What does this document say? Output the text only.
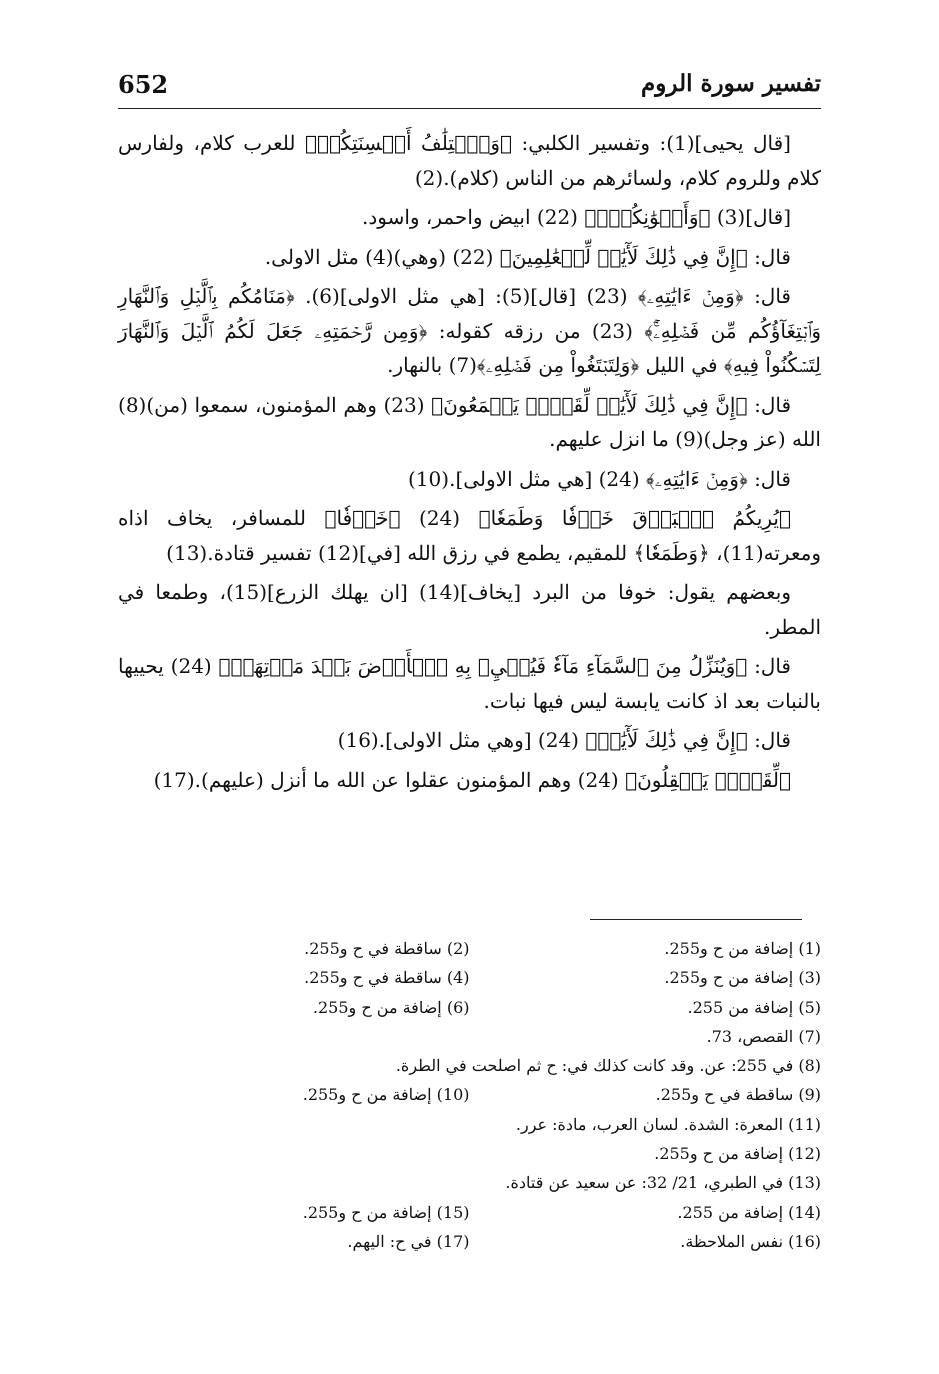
652	تفسير سورة الروم

[قال يحيى](1): وتفسير الكلبي: ﴿وَٱخۡتِلَٰفُ أَلۡسِنَتِكُمۡ﴾ للعرب كلام، ولفارس كلام وللروم كلام، ولسائرهم من الناس (كلام).(2)

[قال](3) ﴿وَأَلۡوَٰنِكُمۡۚ﴾ (22) ابيض واحمر، واسود.

قال: ﴿إِنَّ فِي ذَٰلِكَ لَأٓيَٰتٖ لِّلۡعَٰلِمِينَ﴾ (22) (وهي)(4) مثل الاولى.

قال: ﴿وَمِنۡ ءَايَٰتِهِۦ﴾ (23) [قال](5): [هي مثل الاولى](6). ﴿مَنَامُكُم بِٱلَّيۡلِ وَٱلنَّهَارِ وَٱبۡتِغَآؤُكُم مِّن فَضۡلِهِۦٓۚ﴾ (23) من رزقه كقوله: ﴿وَمِن رَّحۡمَتِهِۦ جَعَلَ لَكُمُ ٱلَّيۡلَ وَٱلنَّهَارَ لِتَسۡكُنُواْ فِيهِ﴾ في الليل ﴿وَلِتَبۡتَغُواْ مِن فَضۡلِهِۦ﴾(7) بالنهار.

قال: ﴿إِنَّ فِي ذَٰلِكَ لَأٓيَٰتٖ لِّقَوۡمٖ يَسۡمَعُونَ﴾ (23) وهم المؤمنون، سمعوا (من)(8) الله (عز وجل)(9) ما انزل عليهم.

قال: ﴿وَمِنۡ ءَايَٰتِهِۦ﴾ (24) [هي مثل الاولى].(10)

﴿يُرِيكُمُ ٱلۡبَرۡقَ خَوۡفٗا وَطَمَعٗا﴾ (24) ﴿خَوۡفٗا﴾ للمسافر، يخاف اذاه ومعرته(11)، ﴿وَطَمَعٗا﴾ للمقيم، يطمع في رزق الله [في](12) تفسير قتادة.(13)

وبعضهم يقول: خوفا من البرد [يخاف](14) [ان يهلك الزرع](15)، وطمعا في المطر.

قال: ﴿وَيُنَزِّلُ مِنَ ٱلسَّمَآءِ مَآءٗ فَيُحۡيِۦ بِهِ ٱلۡأَرۡضَ بَعۡدَ مَوۡتِهَآۚ﴾ (24) يحييها بالنبات بعد اذ كانت يابسة ليس فيها نبات.

قال: ﴿إِنَّ فِي ذَٰلِكَ لَأٓيَٰتٖ﴾ (24) [وهي مثل الاولى].(16)

﴿لِّقَوۡمٖ يَعۡقِلُونَ﴾ (24) وهم المؤمنون عقلوا عن الله ما أنزل (عليهم).(17)

(1) إضافة من ح و255.
(2) ساقطة في ح و255.
(3) إضافة من ح و255.
(4) ساقطة في ح و255.
(5) إضافة من 255.
(6) إضافة من ح و255.
(7) القصص، 73.
(8) في 255: عن. وقد كانت كذلك في: ح ثم اصلحت في الطرة.
(9) ساقطة في ح و255.
(10) إضافة من ح و255.
(11) المعرة: الشدة. لسان العرب، مادة: عرر.
(12) إضافة من ح و255.
(13) في الطبري، 21/ 32: عن سعيد عن قتادة.
(14) إضافة من 255.
(15) إضافة من ح و255.
(16) نفس الملاحظة.
(17) في ح: اليهم.
